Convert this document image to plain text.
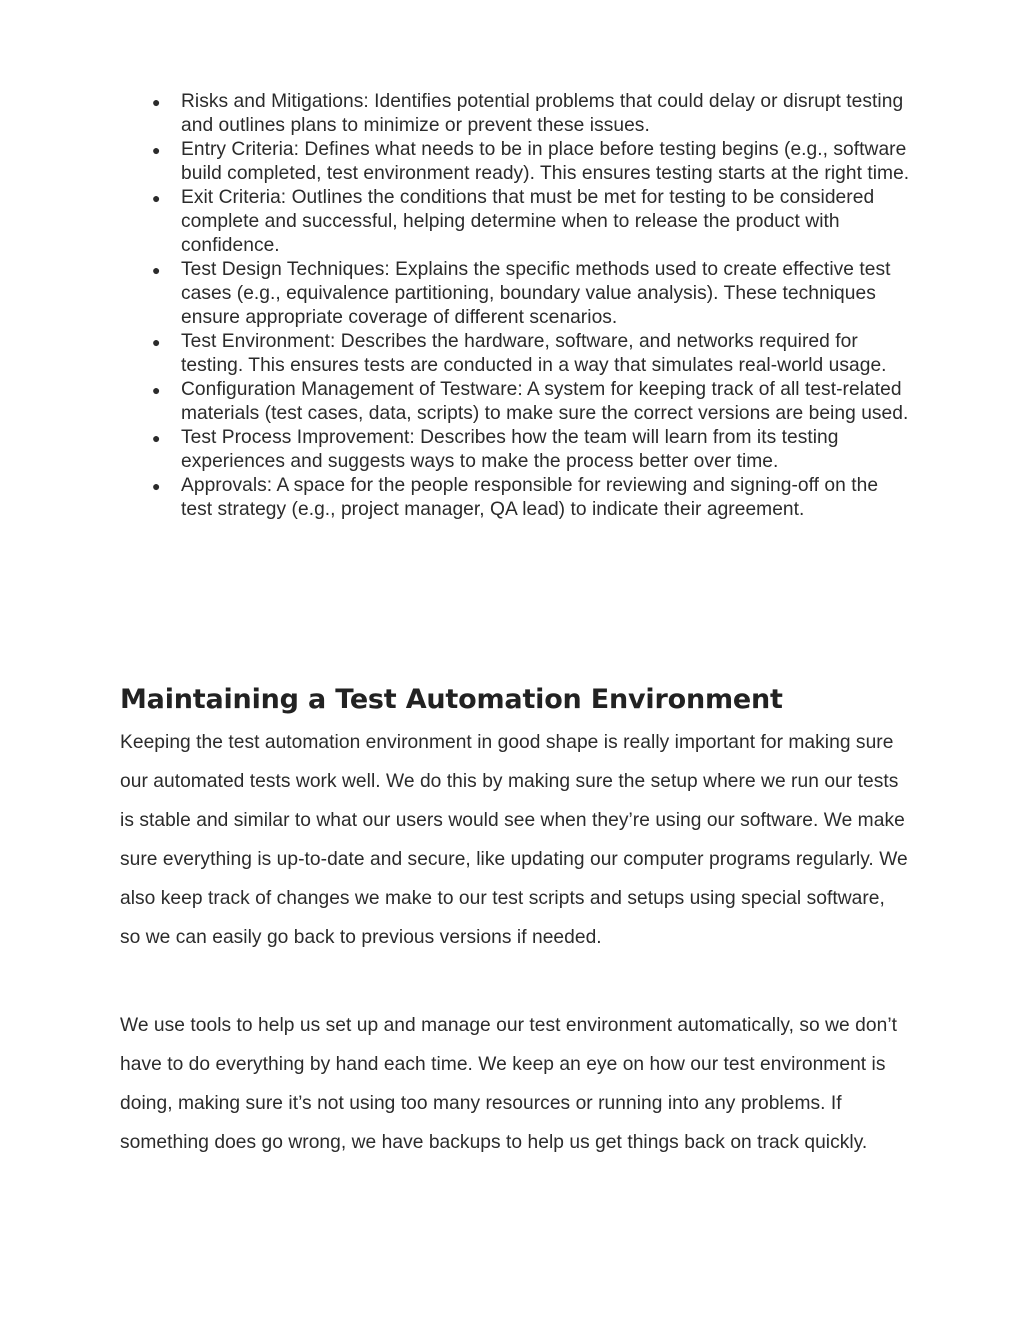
●	Risks and Mitigations: Identifies potential problems that could delay or disrupt testing and outlines plans to minimize or prevent these issues.
●	Entry Criteria: Defines what needs to be in place before testing begins (e.g., software build completed, test environment ready). This ensures testing starts at the right time.
●	Exit Criteria: Outlines the conditions that must be met for testing to be considered complete and successful, helping determine when to release the product with confidence.
●	Test Design Techniques: Explains the specific methods used to create effective test cases (e.g., equivalence partitioning, boundary value analysis). These techniques ensure appropriate coverage of different scenarios.
●	Test Environment: Describes the hardware, software, and networks required for testing. This ensures tests are conducted in a way that simulates real-world usage.
●	Configuration Management of Testware: A system for keeping track of all test-related materials (test cases, data, scripts) to make sure the correct versions are being used.
●	Test Process Improvement: Describes how the team will learn from its testing experiences and suggests ways to make the process better over time.
●	Approvals: A space for the people responsible for reviewing and signing-off on the test strategy (e.g., project manager, QA lead) to indicate their agreement.
Maintaining a Test Automation Environment

Keeping the test automation environment in good shape is really important for making sure our automated tests work well. We do this by making sure the setup where we run our tests is stable and similar to what our users would see when they’re using our software. We make sure everything is up-to-date and secure, like updating our computer programs regularly. We also keep track of changes we make to our test scripts and setups using special software, so we can easily go back to previous versions if needed.

We use tools to help us set up and manage our test environment automatically, so we don’t have to do everything by hand each time. We keep an eye on how our test environment is doing, making sure it’s not using too many resources or running into any problems. If something does go wrong, we have backups to help us get things back on track quickly.
